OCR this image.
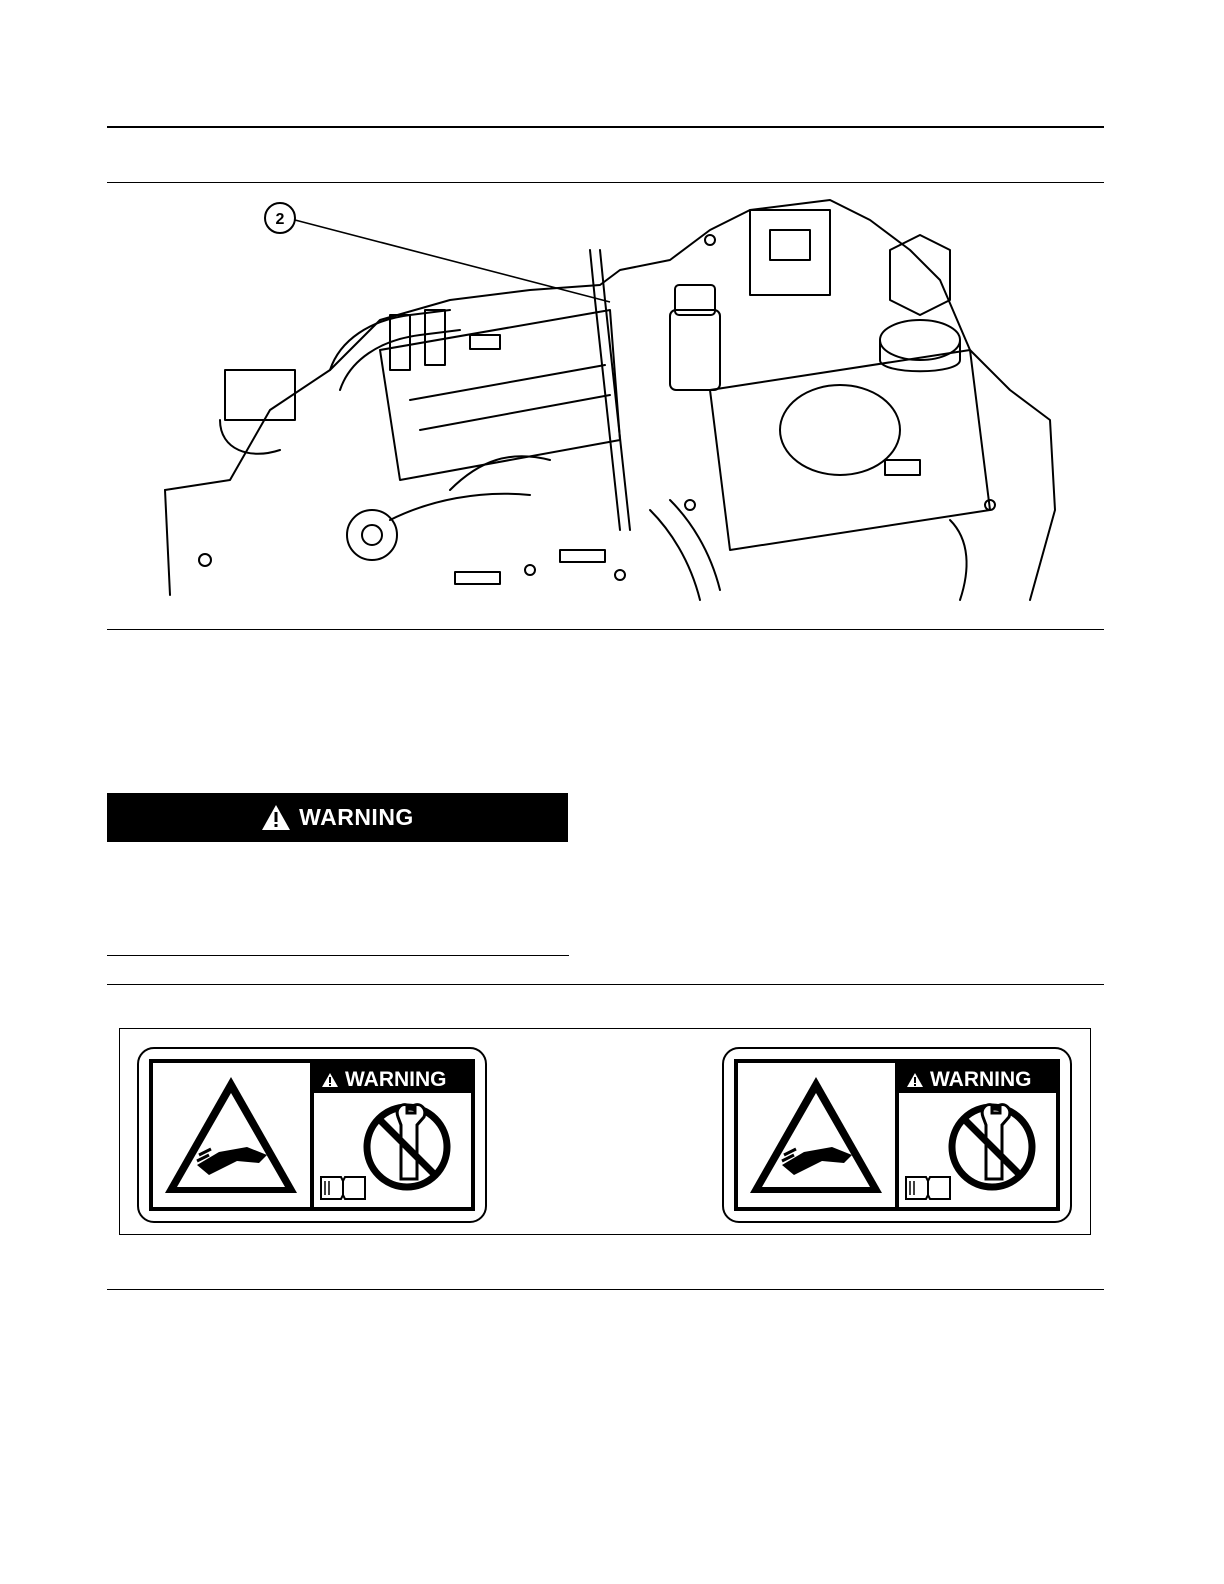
2
WARNING
WARNING	WARNING
